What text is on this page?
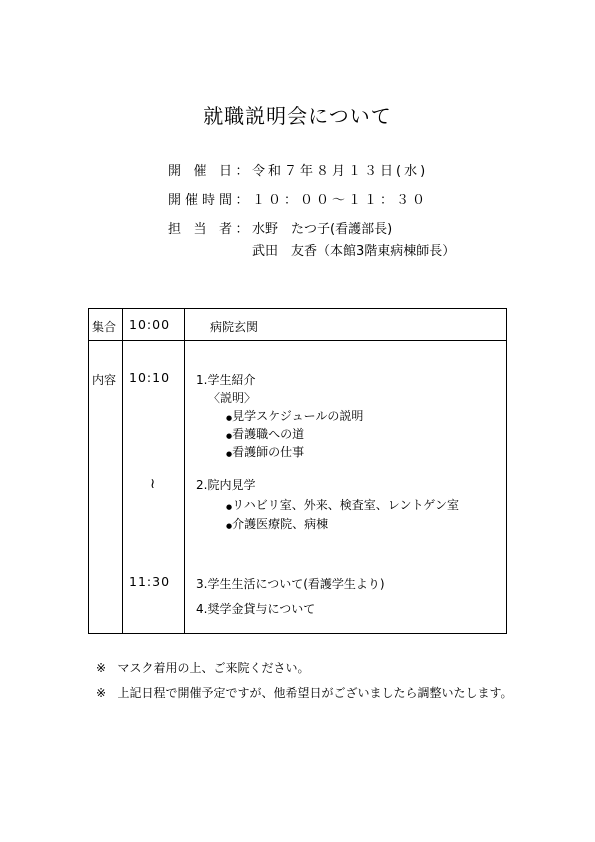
就職説明会について
開催日 ： 令和７年８月１３日(水)
開催時間 ： １０：００～１１：３０
担当者 ： 水野　たつ子(看護部長)
武田　友香（本館3階東病棟師長）
集合 10:00	病院玄関
内容 10:10 1.学生紹介
〈説明〉
●見学スケジュールの説明
●看護職への道
●看護師の仕事
≀	2.院内見学
●リハビリ室、外来、検査室、レントゲン室
●介護医療院、病棟
11:30 3.学生生活について(看護学生より)
4.奨学金貸与について
※ マスク着用の上、ご来院ください。
※ 上記日程で開催予定ですが、他希望日がございましたら調整いたします。
